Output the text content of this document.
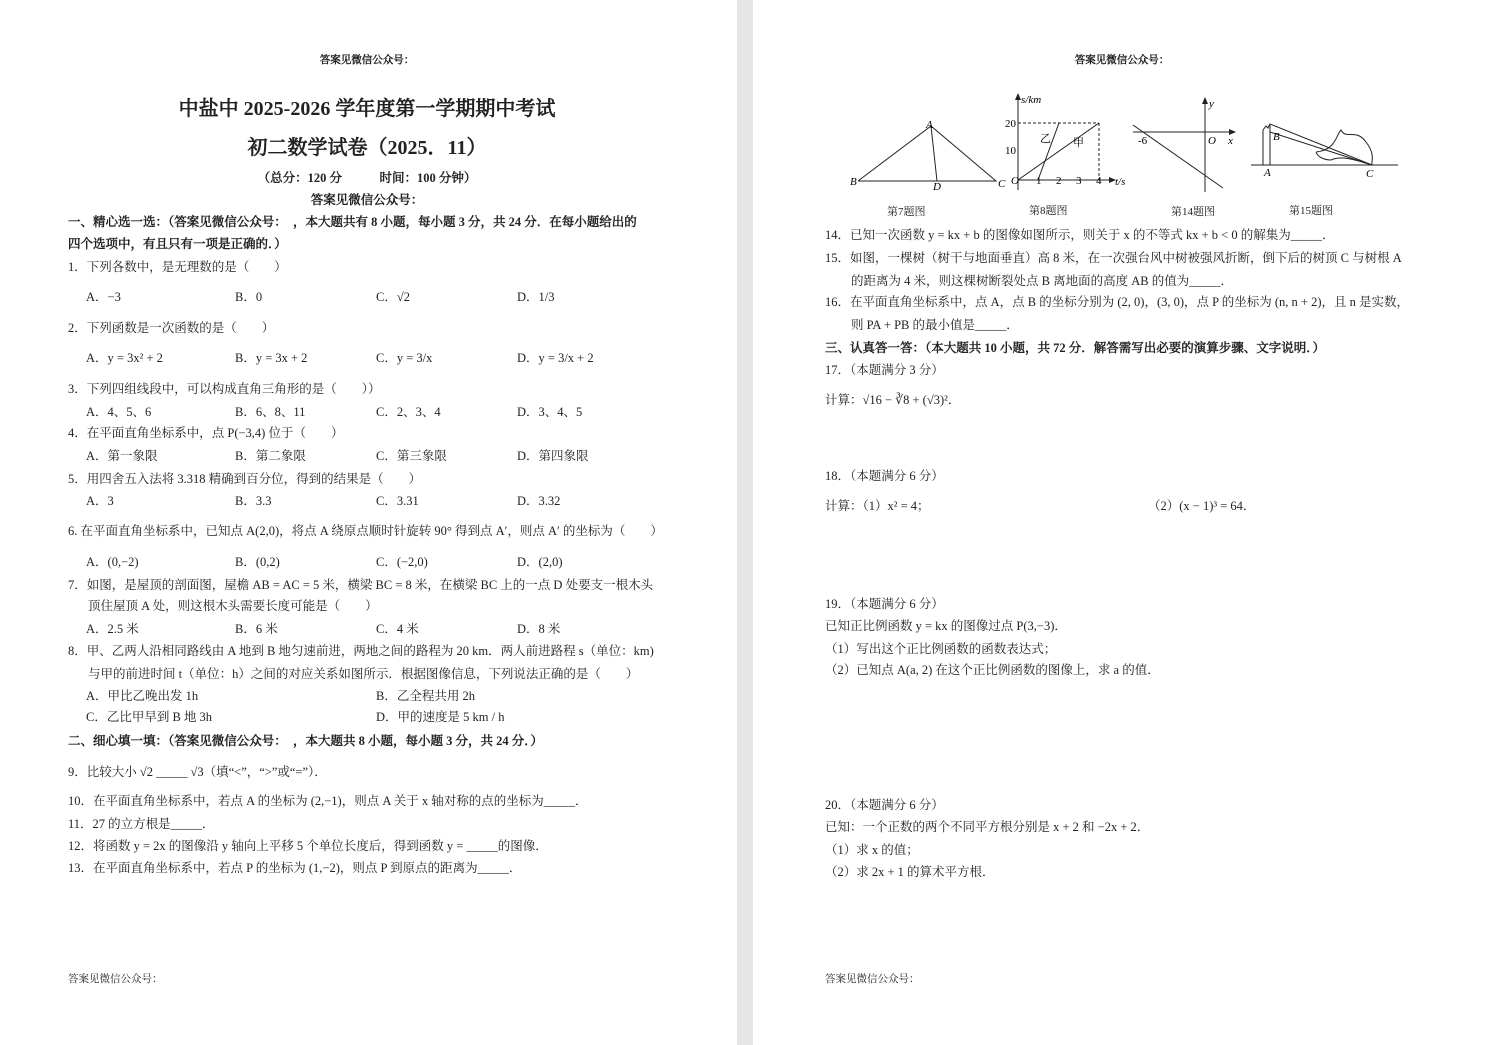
答案见微信公众号：
中盐中 2025-2026 学年度第一学期期中考试
初二数学试卷（2025．11）
（总分：120 分　　　时间：100 分钟）
答案见微信公众号：
一、精心选一选：（答案见微信公众号：　，本大题共有 8 小题，每小题 3 分，共 24 分．在每小题给出的
四个选项中，有且只有一项是正确的．）
1．下列各数中，是无理数的是（　　）
A．−3	B．0	C．√2	D．1/3
2．下列函数是一次函数的是（　　）
A．y = 3x² + 2	B．y = 3x + 2	C．y = 3/x	D．y = 3/x + 2
3．下列四组线段中，可以构成直角三角形的是（　　））
A．4、5、6	B．6、8、11	C．2、3、4	D．3、4、5
4．在平面直角坐标系中，点 P(−3,4) 位于（　　）
A．第一象限	B．第二象限	C．第三象限	D．第四象限
5．用四舍五入法将 3.318 精确到百分位，得到的结果是（　　）
A．3	B．3.3	C．3.31	D．3.32
6. 在平面直角坐标系中，已知点 A(2,0)，将点 A 绕原点顺时针旋转 90° 得到点 A′，则点 A′ 的坐标为（　　）
A．(0,−2)	B．(0,2)	C．(−2,0)	D．(2,0)
7．如图，是屋顶的剖面图，屋檐 AB = AC = 5 米，横梁 BC = 8 米，在横梁 BC 上的一点 D 处要支一根木头
顶住屋顶 A 处，则这根木头需要长度可能是（　　）
A．2.5 米	B．6 米	C．4 米	D．8 米
8．甲、乙两人沿相同路线由 A 地到 B 地匀速前进，两地之间的路程为 20 km．两人前进路程 s（单位：km)
与甲的前进时间 t（单位：h）之间的对应关系如图所示．根据图像信息，下列说法正确的是（　　）
A．甲比乙晚出发 1h	B．乙全程共用 2h
C．乙比甲早到 B 地 3h	D．甲的速度是 5 km / h
二、细心填一填：（答案见微信公众号：　，本大题共 8 小题，每小题 3 分，共 24 分．）
9．比较大小 √2 _____ √3（填“<”，“>”或“=”）．
10．在平面直角坐标系中，若点 A 的坐标为 (2,−1)，则点 A 关于 x 轴对称的点的坐标为_____．
11．27 的立方根是_____．
12．将函数 y = 2x 的图像沿 y 轴向上平移 5 个单位长度后，得到函数 y = _____的图像．
13．在平面直角坐标系中，若点 P 的坐标为 (1,−2)，则点 P 到原点的距离为_____．
答案见微信公众号：
答案见微信公众号：
A
B	C
D
s/km
t/s
20
10
O 1 2 3 4
乙 甲
y
x
O
-6	B
A	C
第7题图	第8题图	第14题图	第15题图
14．已知一次函数 y = kx + b 的图像如图所示，则关于 x 的不等式 kx + b < 0 的解集为_____．
15．如图，一棵树（树干与地面垂直）高 8 米，在一次强台风中树被强风折断，倒下后的树顶 C 与树根 A
的距离为 4 米，则这棵树断裂处点 B 离地面的高度 AB 的值为_____．
16．在平面直角坐标系中，点 A，点 B 的坐标分别为 (2, 0)，(3, 0)，点 P 的坐标为 (n, n + 2)，且 n 是实数，
则 PA + PB 的最小值是_____．
三、认真答一答：（本大题共 10 小题，共 72 分．解答需写出必要的演算步骤、文字说明．）
17．（本题满分 3 分）
计算：√16 − ∛8 + (√3)²．
18．（本题满分 6 分）
计算：（1）x² = 4；	（2）(x − 1)³ = 64．
19．（本题满分 6 分）
已知正比例函数 y = kx 的图像过点 P(3,−3)．
（1）写出这个正比例函数的函数表达式；
（2）已知点 A(a, 2) 在这个正比例函数的图像上，求 a 的值．
20．（本题满分 6 分）
已知：一个正数的两个不同平方根分别是 x + 2 和 −2x + 2．
（1）求 x 的值；
（2）求 2x + 1 的算术平方根．
答案见微信公众号：
